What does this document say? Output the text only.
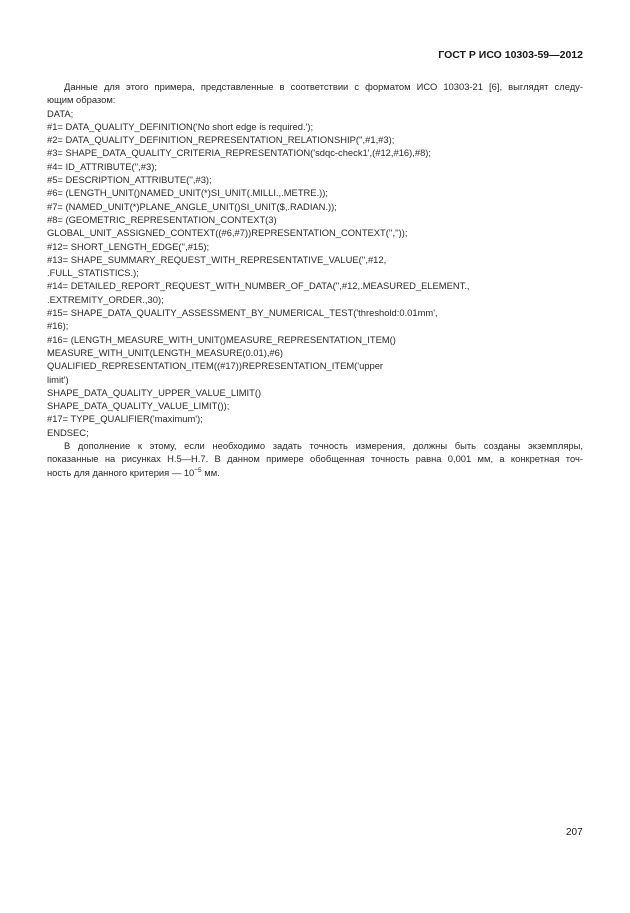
ГОСТ Р ИСО 10303-59—2012
Данные для этого примера, представленные в соответствии с форматом ИСО 10303-21 [6], выглядят следу-
ющим образом:
DATA;
#1= DATA_QUALITY_DEFINITION('No short edge is required.');
#2= DATA_QUALITY_DEFINITION_REPRESENTATION_RELATIONSHIP('',#1,#3);
#3= SHAPE_DATA_QUALITY_CRITERIA_REPRESENTATION('sdqc-check1',(#12,#16),#8);
#4= ID_ATTRIBUTE('',#3);
#5= DESCRIPTION_ATTRIBUTE('',#3);
#6= (LENGTH_UNIT()NAMED_UNIT(*)SI_UNIT(.MILLI.,.METRE.));
#7= (NAMED_UNIT(*)PLANE_ANGLE_UNIT()SI_UNIT($,.RADIAN.));
#8= (GEOMETRIC_REPRESENTATION_CONTEXT(3)
GLOBAL_UNIT_ASSIGNED_CONTEXT((#6,#7))REPRESENTATION_CONTEXT('',''));
#12= SHORT_LENGTH_EDGE('',#15);
#13= SHAPE_SUMMARY_REQUEST_WITH_REPRESENTATIVE_VALUE('',#12,
.FULL_STATISTICS.);
#14= DETAILED_REPORT_REQUEST_WITH_NUMBER_OF_DATA('',#12,.MEASURED_ELEMENT.,
.EXTREMITY_ORDER.,30);
#15= SHAPE_DATA_QUALITY_ASSESSMENT_BY_NUMERICAL_TEST('threshold:0.01mm',
#16);
#16= (LENGTH_MEASURE_WITH_UNIT()MEASURE_REPRESENTATION_ITEM()
MEASURE_WITH_UNIT(LENGTH_MEASURE(0.01),#6)
QUALIFIED_REPRESENTATION_ITEM((#17))REPRESENTATION_ITEM('upper
limit')
SHAPE_DATA_QUALITY_UPPER_VALUE_LIMIT()
SHAPE_DATA_QUALITY_VALUE_LIMIT());
#17= TYPE_QUALIFIER('maximum');
ENDSEC;
В дополнение к этому, если необходимо задать точность измерения, должны быть созданы экземпляры,
показанные на рисунках Н.5—Н.7. В данном примере обобщенная точность равна 0,001 мм, а конкретная точ-
ность для данного критерия — $10^{-5}$ мм.
207
